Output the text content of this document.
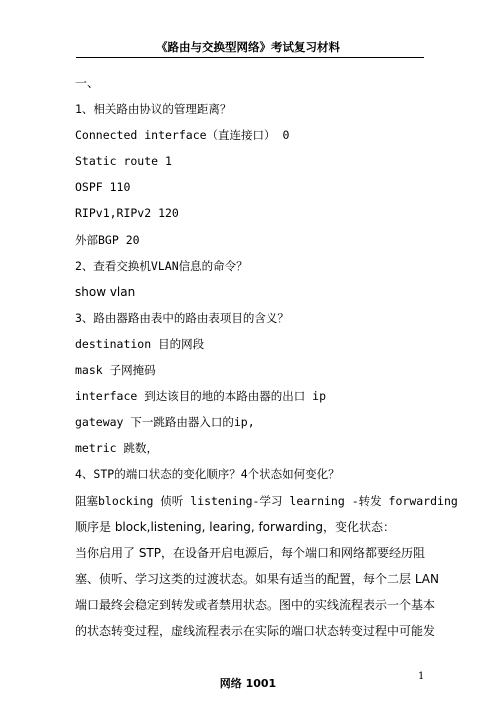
《路由与交换型网络》考试复习材料
一、
1、相关路由协议的管理距离？
Connected interface（直连接口） 0
Static route 1
OSPF 110
RIPv1,RIPv2 120
外部BGP 20
2、查看交换机VLAN信息的命令？
show vlan
3、路由器路由表中的路由表项目的含义？
destination 目的网段
mask 子网掩码
interface 到达该目的地的本路由器的出口 ip
gateway 下一跳路由器入口的ip,
metric 跳数，
4、STP的端口状态的变化顺序？4个状态如何变化？
阻塞blocking 侦听 listening-学习 learning -转发 forwarding
顺序是 block,listening, learing, forwarding，变化状态：
当你启用了 STP，在设备开启电源后，每个端口和网络都要经历阻
塞、侦听、学习这类的过渡状态。如果有适当的配置，每个二层 LAN
端口最终会稳定到转发或者禁用状态。图中的实线流程表示一个基本
的状态转变过程，虚线流程表示在实际的端口状态转变过程中可能发
网络 1001
1
